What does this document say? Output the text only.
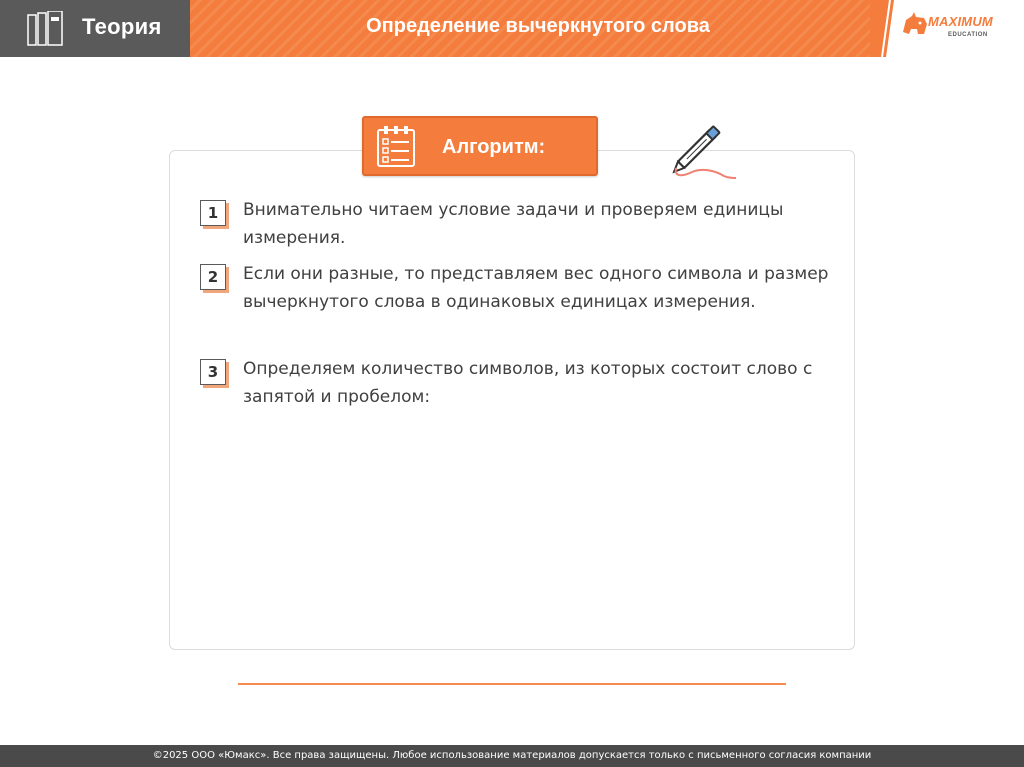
Теория	Определение вычеркнутого слова	MAXIMUM
EDUCATION
Алгоритм:
1	Внимательно читаем условие задачи и проверяем единицы измерения.
2	Если они разные, то представляем вес одного символа и размер вычеркнутого слова в одинаковых единицах измерения.
3	Определяем количество символов, из которых состоит слово с запятой и пробелом:
©2025 ООО «Юмакс». Все права защищены. Любое использование материалов допускается только с письменного согласия компании
